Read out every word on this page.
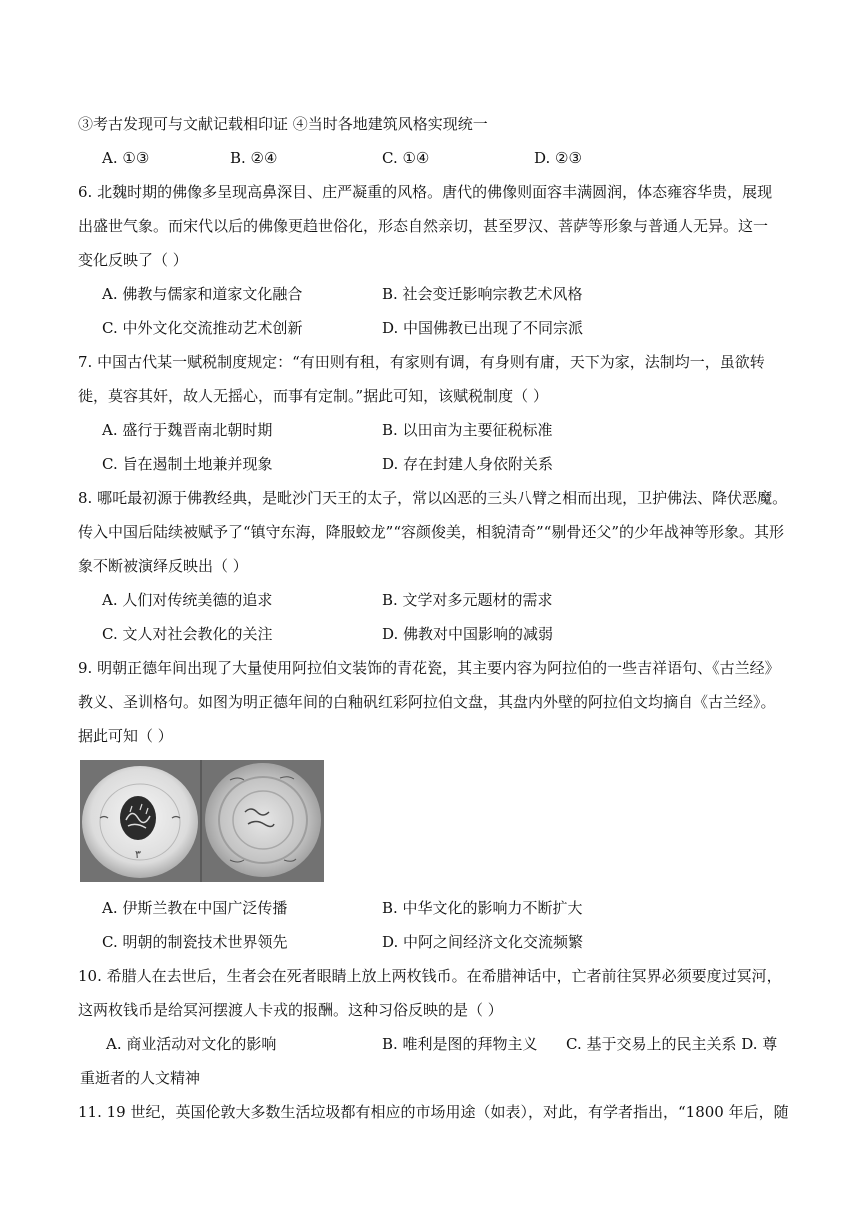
③考古发现可与文献记载相印证 ④当时各地建筑风格实现统一
A. ①③	B. ②④	C. ①④	D. ②③
6. 北魏时期的佛像多呈现高鼻深目、庄严凝重的风格。唐代的佛像则面容丰满圆润，体态雍容华贵，展现
出盛世气象。而宋代以后的佛像更趋世俗化，形态自然亲切，甚至罗汉、菩萨等形象与普通人无异。这一
变化反映了（ ）
A. 佛教与儒家和道家文化融合	B. 社会变迁影响宗教艺术风格
C. 中外文化交流推动艺术创新	D. 中国佛教已出现了不同宗派
7. 中国古代某一赋税制度规定：“有田则有租，有家则有调，有身则有庸，天下为家，法制均一，虽欲转
徙，莫容其奸，故人无摇心，而事有定制。”据此可知，该赋税制度（ ）
A. 盛行于魏晋南北朝时期	B. 以田亩为主要征税标准
C. 旨在遏制土地兼并现象	D. 存在封建人身依附关系
8. 哪吒最初源于佛教经典，是毗沙门天王的太子，常以凶恶的三头八臂之相而出现，卫护佛法、降伏恶魔。
传入中国后陆续被赋予了“镇守东海，降服蛟龙”“容颜俊美，相貌清奇”“剔骨还父”的少年战神等形象。其形
象不断被演绎反映出（ ）
A. 人们对传统美德的追求	B. 文学对多元题材的需求
C. 文人对社会教化的关注	D. 佛教对中国影响的减弱
9. 明朝正德年间出现了大量使用阿拉伯文装饰的青花瓷，其主要内容为阿拉伯的一些吉祥语句、《古兰经》
教义、圣训格句。如图为明正德年间的白釉矾红彩阿拉伯文盘，其盘内外壁的阿拉伯文均摘自《古兰经》。
据此可知（ ）
٣
A. 伊斯兰教在中国广泛传播	B. 中华文化的影响力不断扩大
C. 明朝的制瓷技术世界领先	D. 中阿之间经济文化交流频繁
10. 希腊人在去世后，生者会在死者眼睛上放上两枚钱币。在希腊神话中，亡者前往冥界必须要度过冥河，
这两枚钱币是给冥河摆渡人卡戎的报酬。这种习俗反映的是（ ）
A. 商业活动对文化的影响	B. 唯利是图的拜物主义 C. 基于交易上的民主关系 D. 尊
重逝者的人文精神
11. 19 世纪，英国伦敦大多数生活垃圾都有相应的市场用途（如表），对此，有学者指出，“1800 年后，随
